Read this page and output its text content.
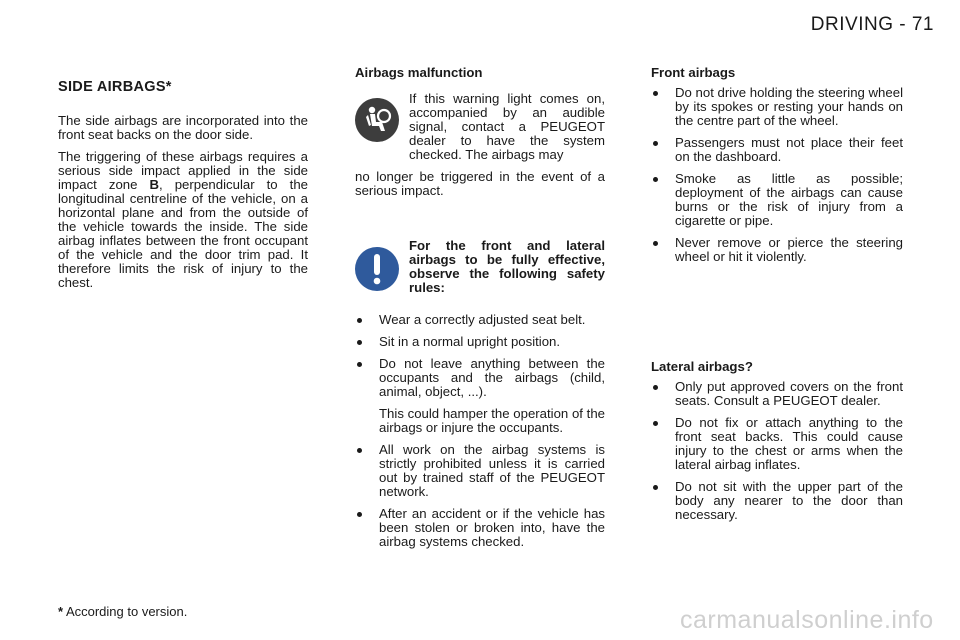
DRIVING - 71
SIDE AIRBAGS*

The side airbags are incorporated into the front seat backs on the door side.

The triggering of these airbags requires a serious side impact applied in the side impact zone B, perpendicular to the longitudinal centreline of the vehicle, on a horizontal plane and from the outside of the vehicle towards the inside. The side airbag inflates between the front occupant of the vehicle and the door trim pad. It therefore limits the risk of injury to the chest.

Airbags malfunction

If this warning light comes on, accompanied by an audible signal, contact a PEUGEOT dealer to have the system checked. The airbags may

no longer be triggered in the event of a serious impact.

For the front and lateral airbags to be fully effective, observe the following safety rules:

Wear a correctly adjusted seat belt.
Sit in a normal upright position.
Do not leave anything between the occupants and the airbags (child, animal, object, ...).
This could hamper the operation of the airbags or injure the occupants.
All work on the airbag systems is strictly prohibited unless it is carried out by trained staff of the PEUGEOT network.
After an accident or if the vehicle has been stolen or broken into, have the airbag systems checked.
Front airbags
Do not drive holding the steering wheel by its spokes or resting your hands on the centre part of the wheel.
Passengers must not place their feet on the dashboard.
Smoke as little as possible; deployment of the airbags can cause burns or the risk of injury from a cigarette or pipe.
Never remove or pierce the steering wheel or hit it violently.
Lateral airbags?
Only put approved covers on the front seats. Consult a PEUGEOT dealer.
Do not fix or attach anything to the front seat backs. This could cause injury to the chest or arms when the lateral airbag inflates.
Do not sit with the upper part of the body any nearer to the door than necessary.
* According to version.	carmanualsonline.info
